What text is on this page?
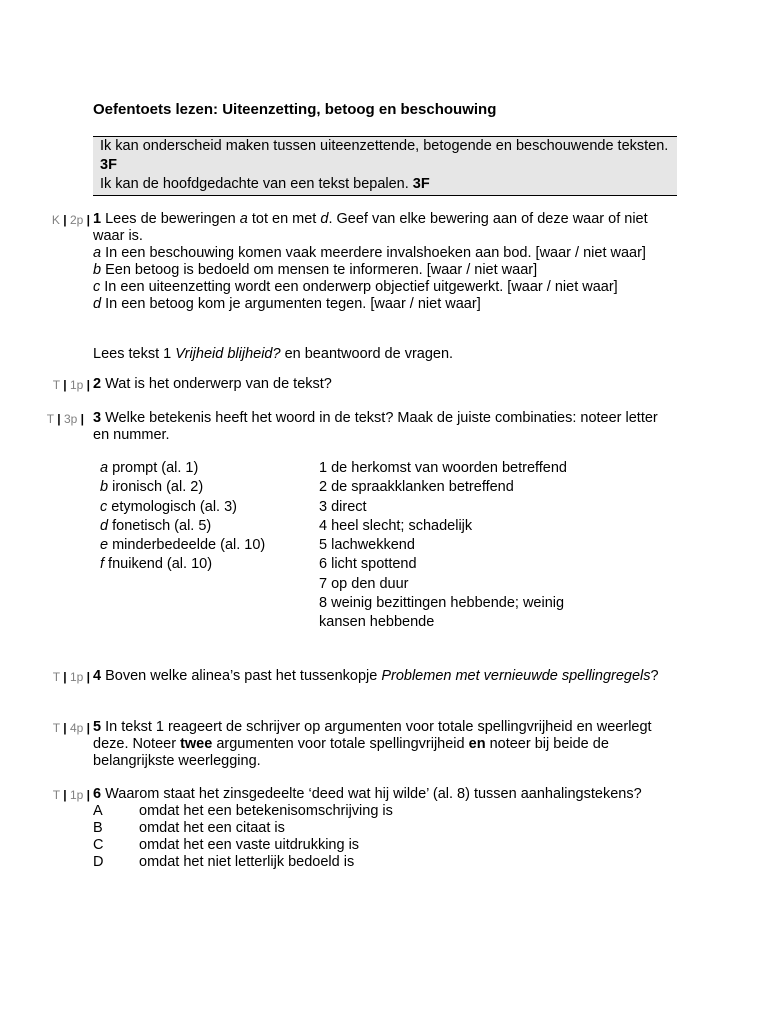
Oefentoets lezen: Uiteenzetting, betoog en beschouwing
Ik kan onderscheid maken tussen uiteenzettende, betogende en beschouwende teksten. 3F
Ik kan de hoofdgedachte van een tekst bepalen. 3F
K | 2p | 1 Lees de beweringen a tot en met d. Geef van elke bewering aan of deze waar of niet waar is.
a In een beschouwing komen vaak meerdere invalshoeken aan bod. [waar / niet waar]
b Een betoog is bedoeld om mensen te informeren. [waar / niet waar]
c In een uiteenzetting wordt een onderwerp objectief uitgewerkt. [waar / niet waar]
d In een betoog kom je argumenten tegen. [waar / niet waar]
Lees tekst 1 Vrijheid blijheid? en beantwoord de vragen.
T | 1p | 2 Wat is het onderwerp van de tekst?
T | 3p | 3 Welke betekenis heeft het woord in de tekst? Maak de juiste combinaties: noteer letter en nummer.
a prompt (al. 1)
b ironisch (al. 2)
c etymologisch (al. 3)
d fonetisch (al. 5)
e minderbedeelde (al. 10)
f fnuikend (al. 10)
1 de herkomst van woorden betreffend
2 de spraakklanken betreffend
3 direct
4 heel slecht; schadelijk
5 lachwekkend
6 licht spottend
7 op den duur
8 weinig bezittingen hebbende; weinig
kansen hebbende
T | 1p | 4 Boven welke alinea’s past het tussenkopje Problemen met vernieuwde spellingregels?
T | 4p | 5 In tekst 1 reageert de schrijver op argumenten voor totale spellingvrijheid en weerlegt deze. Noteer twee argumenten voor totale spellingvrijheid en noteer bij beide de belangrijkste weerlegging.
T | 1p | 6 Waarom staat het zinsgedeelte ‘deed wat hij wilde’ (al. 8) tussen aanhalingstekens?
A	omdat het een betekenisomschrijving is
B	omdat het een citaat is
C omdat het een vaste uitdrukking is
D omdat het niet letterlijk bedoeld is
